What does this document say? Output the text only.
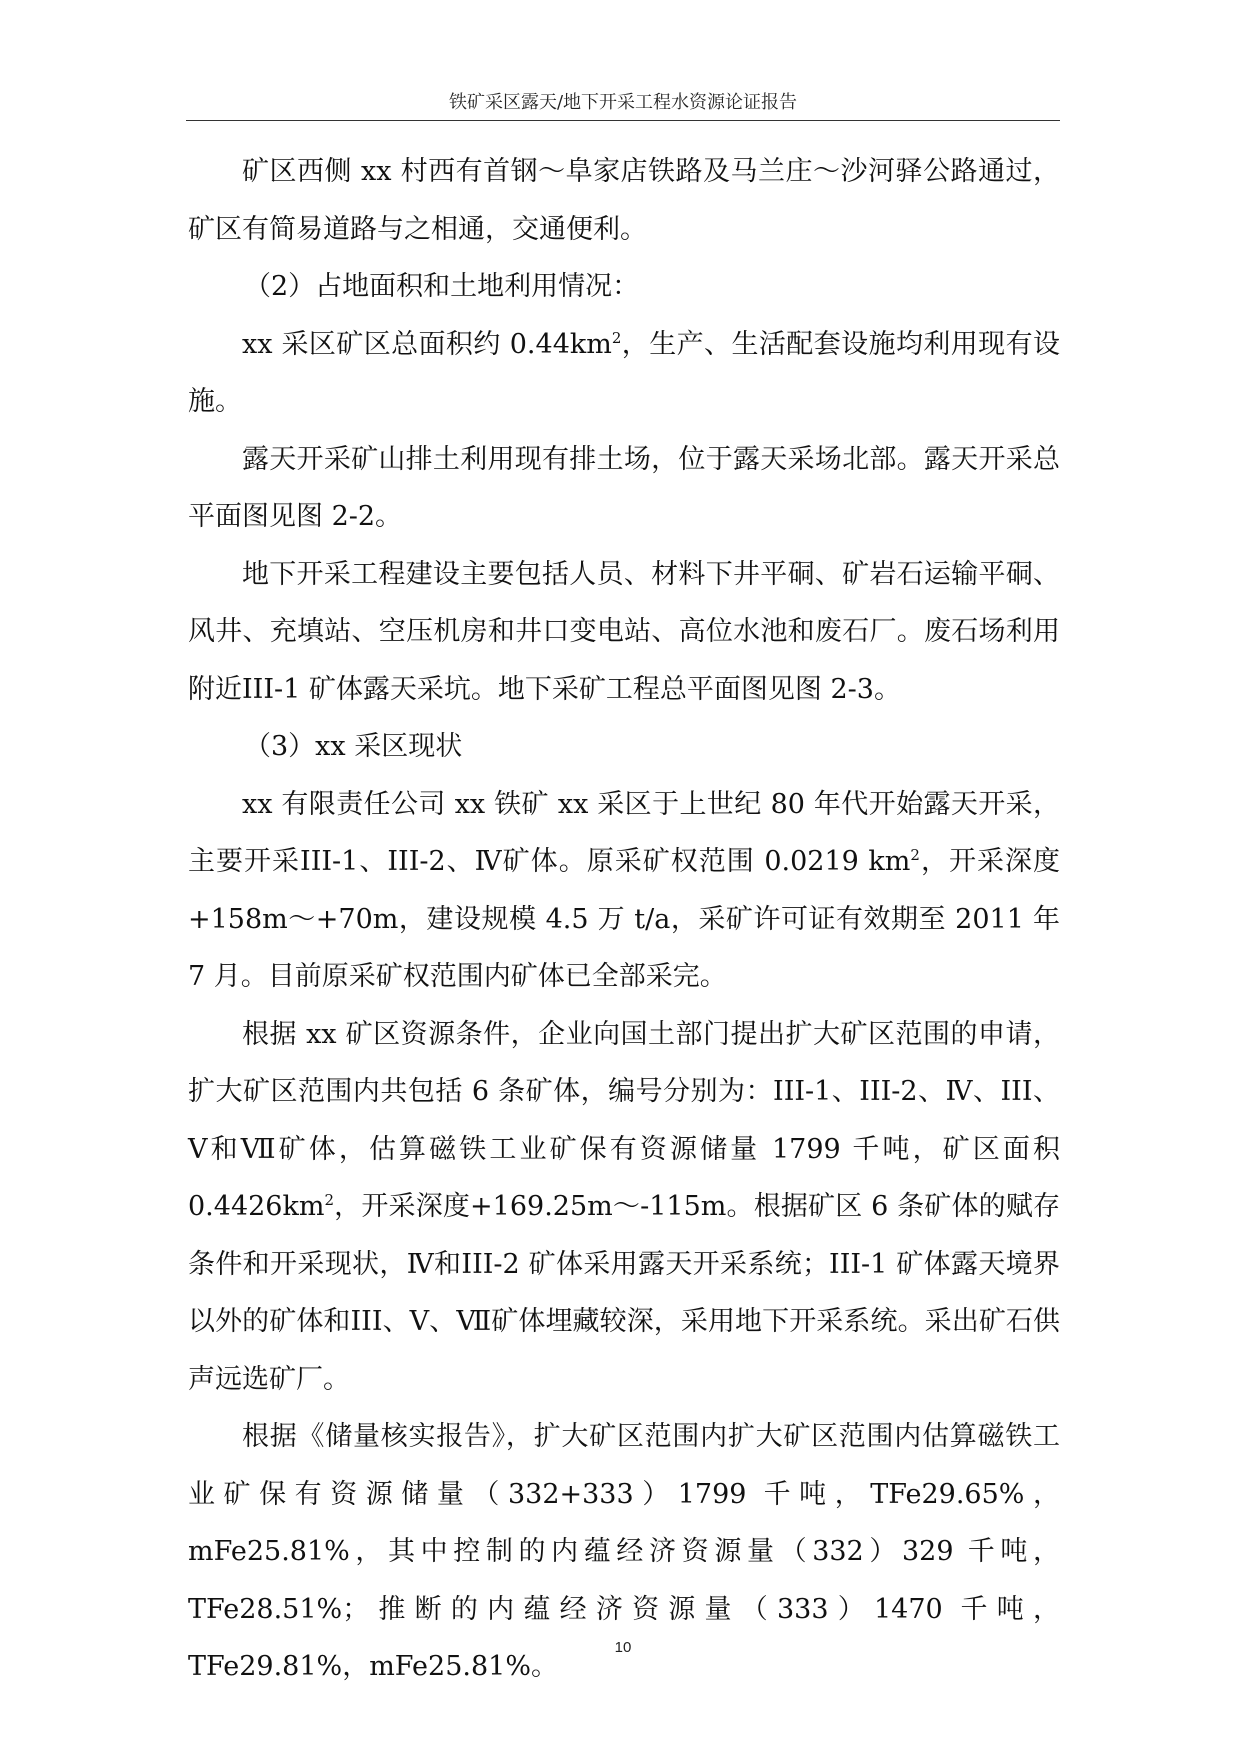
铁矿采区露天/地下开采工程水资源论证报告

矿区西侧 xx 村西有首钢～阜家店铁路及马兰庄～沙河驿公路通过，矿区有简易道路与之相通，交通便利。

（2）占地面积和土地利用情况：

xx 采区矿区总面积约 $0.44km^2$，生产、生活配套设施均利用现有设施。

露天开采矿山排土利用现有排土场，位于露天采场北部。露天开采总平面图见图 2-2。

地下开采工程建设主要包括人员、材料下井平硐、矿岩石运输平硐、风井、充填站、空压机房和井口变电站、高位水池和废石厂。废石场利用附近III-1 矿体露天采坑。地下采矿工程总平面图见图 2-3。

（3）xx 采区现状

xx 有限责任公司 xx 铁矿 xx 采区于上世纪 80 年代开始露天开采，主要开采III-1、III-2、Ⅳ矿体。原采矿权范围 0.0219 $km^2$，开采深度+158m～+70m，建设规模 4.5 万 t/a，采矿许可证有效期至 2011 年 7 月。目前原采矿权范围内矿体已全部采完。

根据 xx 矿区资源条件，企业向国土部门提出扩大矿区范围的申请，扩大矿区范围内共包括 6 条矿体，编号分别为：III-1、III-2、Ⅳ、III、Ⅴ和Ⅶ矿体，估算磁铁工业矿保有资源储量 1799 千吨，矿区面积 $0.4426km^2$，开采深度+169.25m～-115m。根据矿区 6 条矿体的赋存条件和开采现状，Ⅳ和III-2 矿体采用露天开采系统；III-1 矿体露天境界以外的矿体和III、Ⅴ、Ⅶ矿体埋藏较深，采用地下开采系统。采出矿石供声远选矿厂。

根据《储量核实报告》，扩大矿区范围内扩大矿区范围内估算磁铁工业矿保有资源储量（332+333）1799 千吨，TFe29.65%，mFe25.81%，其中控制的内蕴经济资源量（332）329 千吨，TFe28.51%；推断的内蕴经济资源量（333）1470 千吨，TFe29.81%，mFe25.81%。

10
